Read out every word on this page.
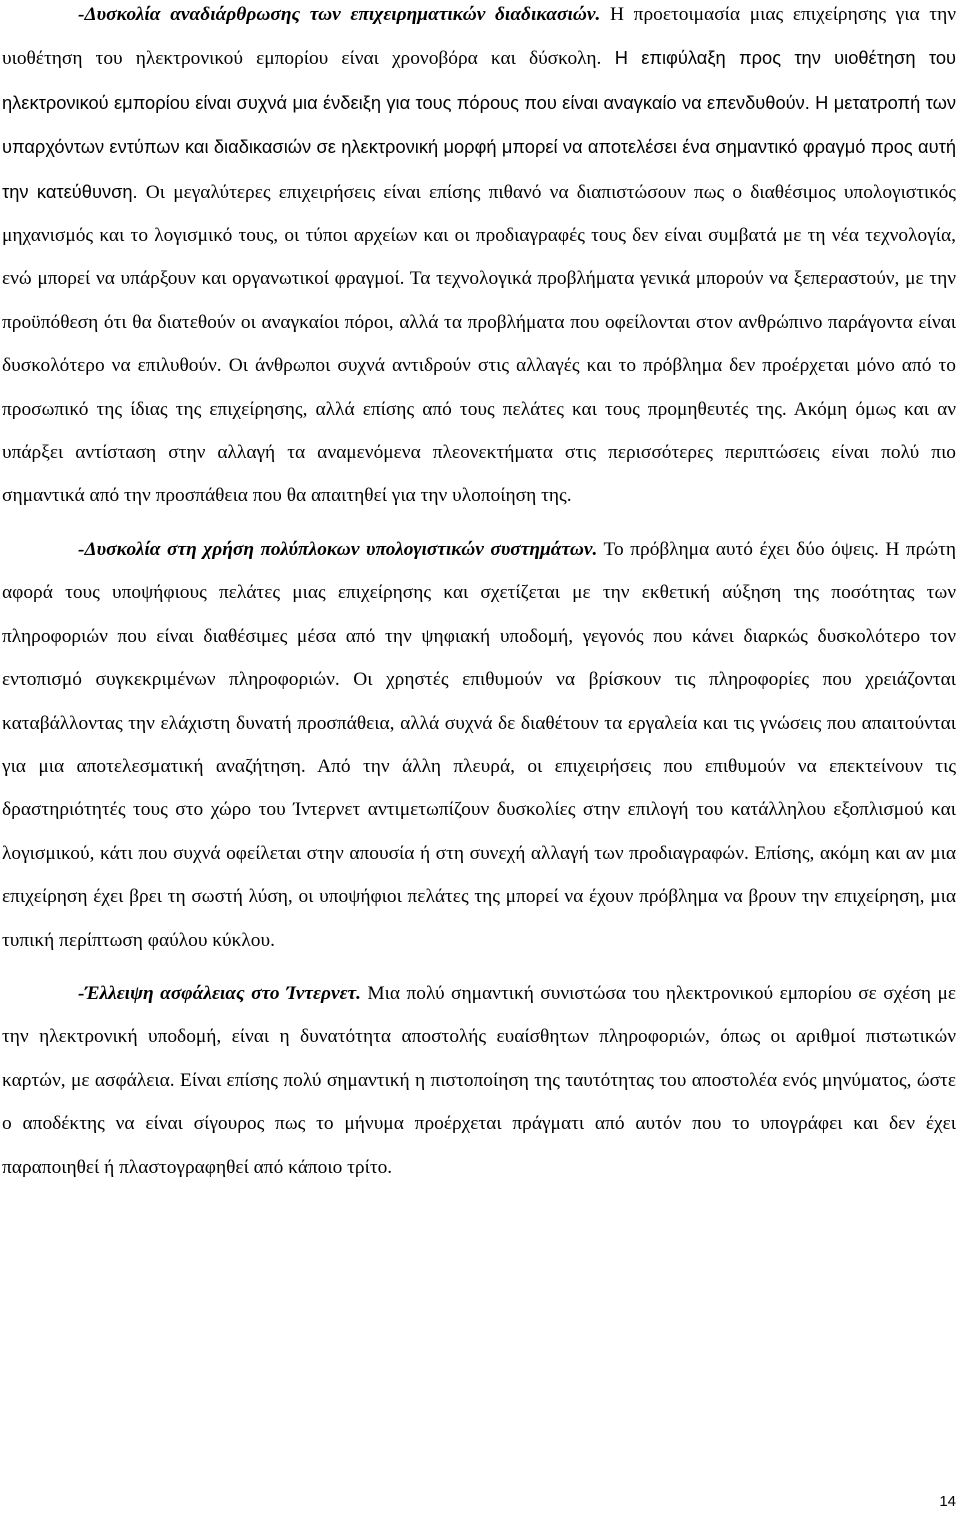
-Δυσκολία αναδιάρθρωσης των επιχειρηματικών διαδικασιών. Η προετοιμασία μιας επιχείρησης για την υιοθέτηση του ηλεκτρονικού εμπορίου είναι χρονοβόρα και δύσκολη. Η επιφύλαξη προς την υιοθέτηση του ηλεκτρονικού εμπορίου είναι συχνά μια ένδειξη για τους πόρους που είναι αναγκαίο να επενδυθούν. Η μετατροπή των υπαρχόντων εντύπων και διαδικασιών σε ηλεκτρονική μορφή μπορεί να αποτελέσει ένα σημαντικό φραγμό προς αυτή την κατεύθυνση. Οι μεγαλύτερες επιχειρήσεις είναι επίσης πιθανό να διαπιστώσουν πως ο διαθέσιμος υπολογιστικός μηχανισμός και το λογισμικό τους, οι τύποι αρχείων και οι προδιαγραφές τους δεν είναι συμβατά με τη νέα τεχνολογία, ενώ μπορεί να υπάρξουν και οργανωτικοί φραγμοί. Τα τεχνολογικά προβλήματα γενικά μπορούν να ξεπεραστούν, με την προϋπόθεση ότι θα διατεθούν οι αναγκαίοι πόροι, αλλά τα προβλήματα που οφείλονται στον ανθρώπινο παράγοντα είναι δυσκολότερο να επιλυθούν. Οι άνθρωποι συχνά αντιδρούν στις αλλαγές και το πρόβλημα δεν προέρχεται μόνο από το προσωπικό της ίδιας της επιχείρησης, αλλά επίσης από τους πελάτες και τους προμηθευτές της. Ακόμη όμως και αν υπάρξει αντίσταση στην αλλαγή τα αναμενόμενα πλεονεκτήματα στις περισσότερες περιπτώσεις είναι πολύ πιο σημαντικά από την προσπάθεια που θα απαιτηθεί για την υλοποίηση της.

-Δυσκολία στη χρήση πολύπλοκων υπολογιστικών συστημάτων. Το πρόβλημα αυτό έχει δύο όψεις. Η πρώτη αφορά τους υποψήφιους πελάτες μιας επιχείρησης και σχετίζεται με την εκθετική αύξηση της ποσότητας των πληροφοριών που είναι διαθέσιμες μέσα από την ψηφιακή υποδομή, γεγονός που κάνει διαρκώς δυσκολότερο τον εντοπισμό συγκεκριμένων πληροφοριών. Οι χρηστές επιθυμούν να βρίσκουν τις πληροφορίες που χρειάζονται καταβάλλοντας την ελάχιστη δυνατή προσπάθεια, αλλά συχνά δε διαθέτουν τα εργαλεία και τις γνώσεις που απαιτούνται για μια αποτελεσματική αναζήτηση. Από την άλλη πλευρά, οι επιχειρήσεις που επιθυμούν να επεκτείνουν τις δραστηριότητές τους στο χώρο του Ίντερνετ αντιμετωπίζουν δυσκολίες στην επιλογή του κατάλληλου εξοπλισμού και λογισμικού, κάτι που συχνά οφείλεται στην απουσία ή στη συνεχή αλλαγή των προδιαγραφών. Επίσης, ακόμη και αν μια επιχείρηση έχει βρει τη σωστή λύση, οι υποψήφιοι πελάτες της μπορεί να έχουν πρόβλημα να βρουν την επιχείρηση, μια τυπική περίπτωση φαύλου κύκλου.

-Έλλειψη ασφάλειας στο Ίντερνετ. Μια πολύ σημαντική συνιστώσα του ηλεκτρονικού εμπορίου σε σχέση με την ηλεκτρονική υποδομή, είναι η δυνατότητα αποστολής ευαίσθητων πληροφοριών, όπως οι αριθμοί πιστωτικών καρτών, με ασφάλεια. Είναι επίσης πολύ σημαντική η πιστοποίηση της ταυτότητας του αποστολέα ενός μηνύματος, ώστε ο αποδέκτης να είναι σίγουρος πως το μήνυμα προέρχεται πράγματι από αυτόν που το υπογράφει και δεν έχει παραποιηθεί ή πλαστογραφηθεί από κάποιο τρίτο.

14
